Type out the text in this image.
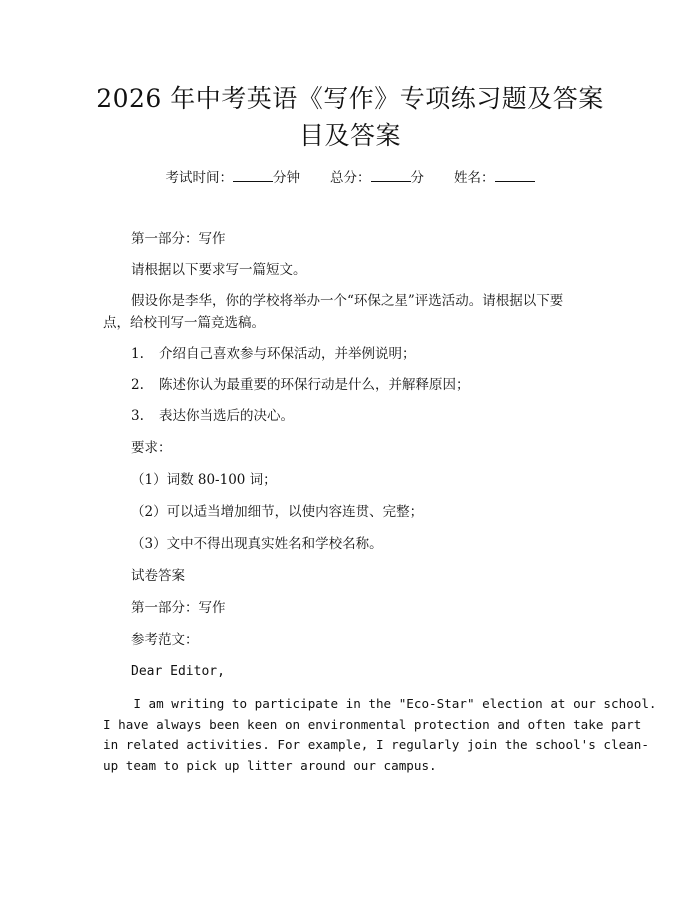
2026 年中考英语《写作》专项练习题及答案
目及答案
考试时间：	分钟 总分：	分 姓名：
第一部分：写作
请根据以下要求写一篇短文。
假设你是李华，你的学校将举办一个“环保之星”评选活动。请根据以下要
点，给校刊写一篇竞选稿。
1. 介绍自己喜欢参与环保活动，并举例说明；
2. 陈述你认为最重要的环保行动是什么，并解释原因；
3. 表达你当选后的决心。
要求：
（1）词数 80-100 词；
（2）可以适当增加细节，以使内容连贯、完整；
（3）文中不得出现真实姓名和学校名称。
试卷答案
第一部分：写作
参考范文：
Dear Editor,
I am writing to participate in the "Eco-Star" election at our school.
I have always been keen on environmental protection and often take part
in related activities. For example, I regularly join the school's clean-
up team to pick up litter around our campus.
